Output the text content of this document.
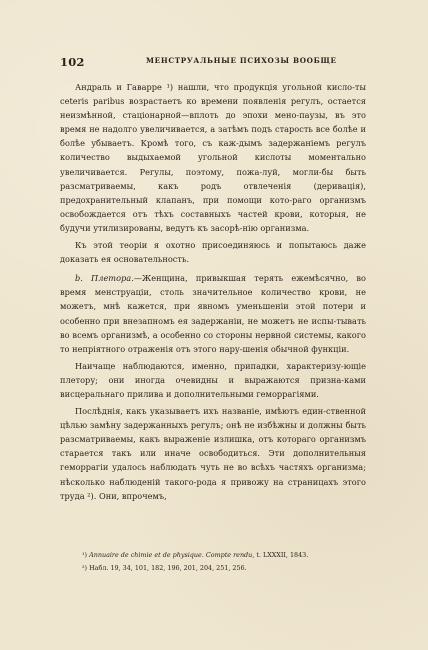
102	МЕНСТРУАЛЬНЫЕ ПСИХОЗЫ ВООБЩЕ

Андраль и Гаварре ¹) нашли, что продукція угольной кисло-ты ceteris paribus возрастаетъ ко времени появленія регулъ, остается неизмѣнной, стаціонарной—вплоть до эпохи мено-паузы, въ это время не надолго увеличивается, а затѣмъ подъ старость все болѣе и болѣе убываетъ. Кромѣ того, съ каж-дымъ задержаніемъ регулъ количество выдыхаемой угольной кислоты моментально увеличивается. Регулы, поэтому, пожа-луй, могли-бы быть разсматриваемы, какъ родъ отвлеченія (деривація), предохранительный клапанъ, при помощи кото-раго организмъ освобождается отъ тѣхъ составныхъ частей крови, которыя, не будучи утилизированы, ведутъ къ засорѣ-нію организма.

Къ этой теоріи я охотно присоединяюсь и попытаюсь даже доказать ея основательность.

b. Плетора.—Женщина, привыкшая терять ежемѣсячно, во время менструаціи, столь значительное количество крови, не можетъ, мнѣ кажется, при явномъ уменьшеніи этой потери и особенно при внезапномъ ея задержаніи, не можетъ не испы-тывать во всемъ организмѣ, а особенно со стороны нервной системы, какого то непріятного отраженія отъ этого нару-шенія обычной функціи.

Наичаще наблюдаются, именно, припадки, характеризу-ющіе плетору; они иногда очевидны и выражаются призна-ками висцеральнаго прилива и дополнительными геморрагіями.

Послѣднія, какъ указываетъ ихъ названіе, имѣютъ един-ственной цѣлью замѣну задержанныхъ регулъ; онѣ не избѣжны и должны быть разсматриваемы, какъ выраженіе излишка, отъ котораго организмъ старается такъ или иначе освободиться. Эти дополнительныя геморрагіи удалось наблюдать чуть не во всѣхъ частяхъ организма; нѣсколько наблюденій такого-рода я привожу на страницахъ этого труда ²). Они, впрочемъ,

¹) Annuaire de chimie et de physique. Compte rendu, t. LXXXII, 1843.
²) Набл. 19, 34, 101, 182, 196, 201, 204, 251, 256.
